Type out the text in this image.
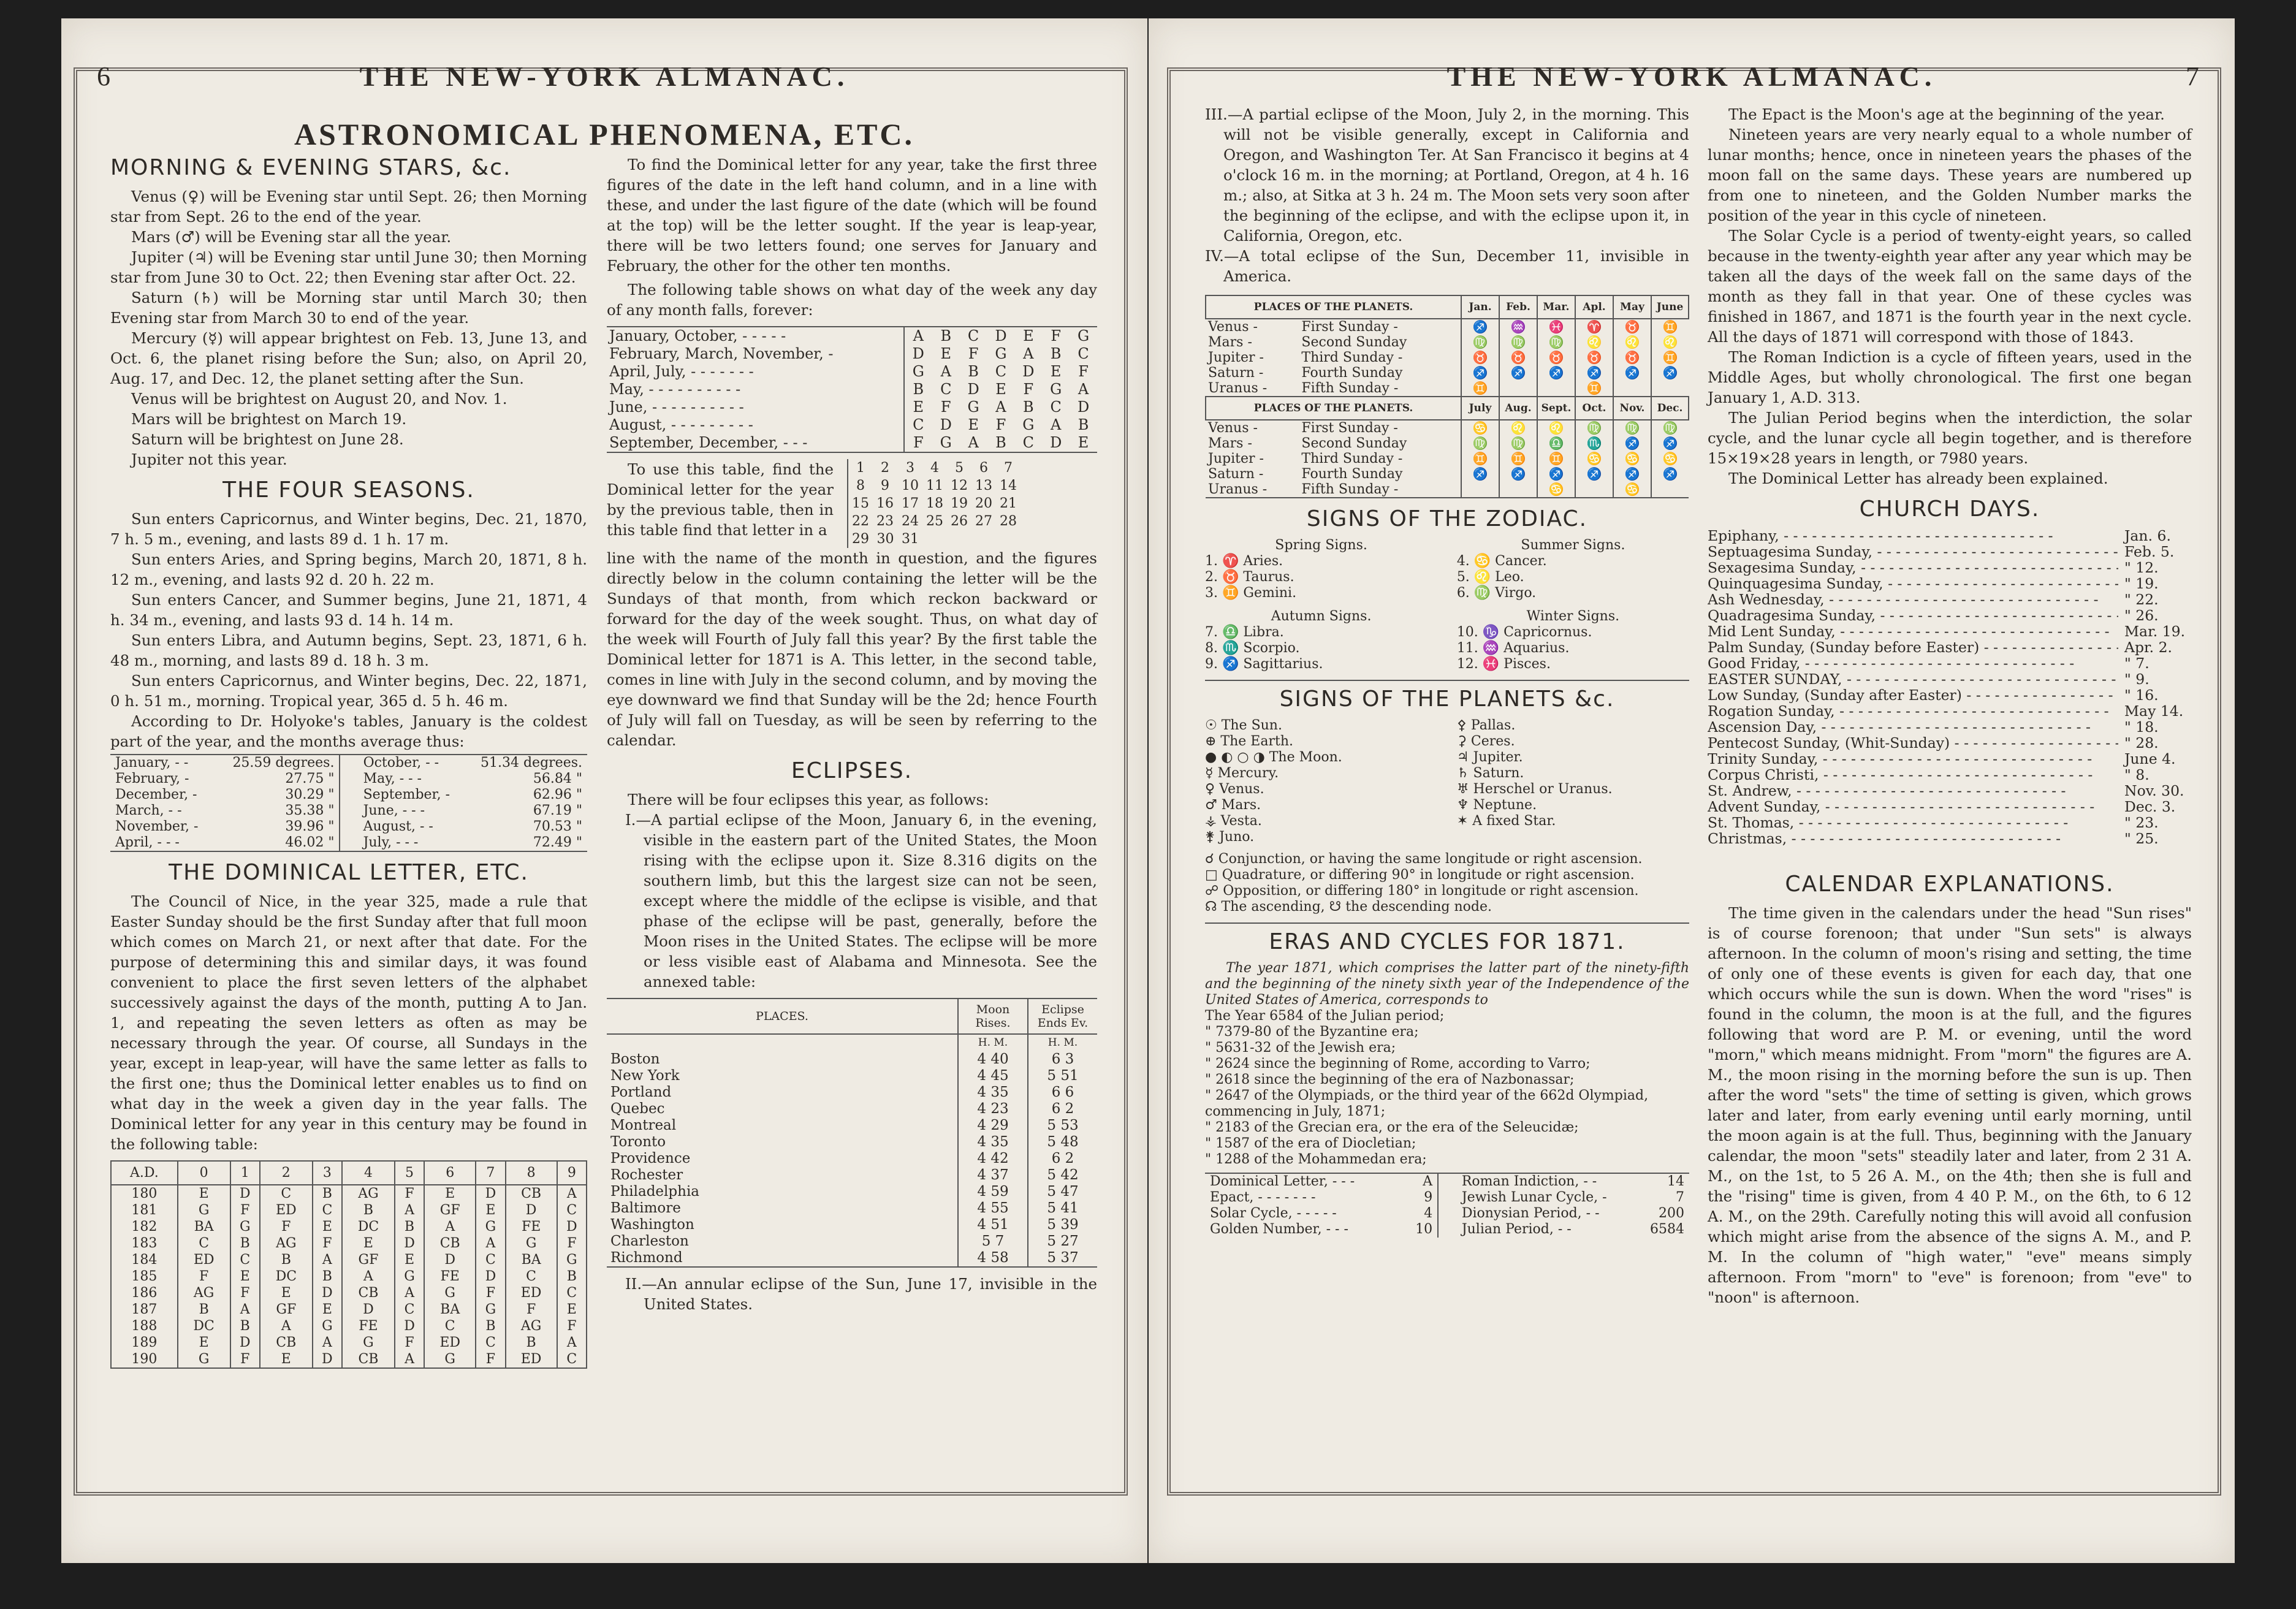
6	THE NEW-YORK ALMANAC.
ASTRONOMICAL PHENOMENA, ETC.
MORNING & EVENING STARS, &c.

Venus (♀) will be Evening star until Sept. 26; then Morning star from Sept. 26 to the end of the year.

Mars (♂) will be Evening star all the year.

Jupiter (♃) will be Evening star until June 30; then Morning star from June 30 to Oct. 22; then Evening star after Oct. 22.

Saturn (♄) will be Morning star until March 30; then Evening star from March 30 to end of the year.

Mercury (☿) will appear brightest on Feb. 13, June 13, and Oct. 6, the planet rising before the Sun; also, on April 20, Aug. 17, and Dec. 12, the planet setting after the Sun.

Venus will be brightest on August 20, and Nov. 1.

Mars will be brightest on March 19.

Saturn will be brightest on June 28.

Jupiter not this year.

THE FOUR SEASONS.

Sun enters Capricornus, and Winter begins, Dec. 21, 1870, 7 h. 5 m., evening, and lasts 89 d. 1 h. 17 m.

Sun enters Aries, and Spring begins, March 20, 1871, 8 h. 12 m., evening, and lasts 92 d. 20 h. 22 m.

Sun enters Cancer, and Summer begins, June 21, 1871, 4 h. 34 m., evening, and lasts 93 d. 14 h. 14 m.

Sun enters Libra, and Autumn begins, Sept. 23, 1871, 6 h. 48 m., morning, and lasts 89 d. 18 h. 3 m.

Sun enters Capricornus, and Winter begins, Dec. 22, 1871, 0 h. 51 m., morning. Tropical year, 365 d. 5 h. 46 m.

According to Dr. Holyoke's tables, January is the coldest part of the year, and the months average thus:

January, - -	25.59 degrees.
February, -	27.75 "
December, -	30.29 "
March, - -	35.38 "
November, -	39.96 "
April, - - -	46.02 "
October, - -	51.34 degrees.
May, - - -	56.84 "
September, -	62.96 "
June, - - -	67.19 "
August, - -	70.53 "
July, - - -	72.49 "
THE DOMINICAL LETTER, ETC.

The Council of Nice, in the year 325, made a rule that Easter Sunday should be the first Sunday after that full moon which comes on March 21, or next after that date. For the purpose of determining this and similar days, it was found convenient to place the first seven letters of the alphabet successively against the days of the month, putting A to Jan. 1, and repeating the seven letters as often as may be necessary through the year. Of course, all Sundays in the year, except in leap-year, will have the same letter as falls to the first one; thus the Dominical letter enables us to find on what day in the week a given day in the year falls. The Dominical letter for any year in this century may be found in the following table:

A.D.	0	1	2	3	4	5	6	7	8	9
180	E	D	C	B	AG	F	E	D	CB	A
181	G	F	ED	C	B	A	GF	E	D	C
182	BA	G	F	E	DC	B	A	G	FE	D
183	C	B	AG	F	E	D	CB	A	G	F
184	ED	C	B	A	GF	E	D	C	BA	G
185	F	E	DC	B	A	G	FE	D	C	B
186	AG	F	E	D	CB	A	G	F	ED	C
187	B	A	GF	E	D	C	BA	G	F	E
188	DC	B	A	G	FE	D	C	B	AG	F
189	E	D	CB	A	G	F	ED	C	B	A
190	G	F	E	D	CB	A	G	F	ED	C

To find the Dominical letter for any year, take the first three figures of the date in the left hand column, and in a line with these, and under the last figure of the date (which will be found at the top) will be the letter sought. If the year is leap-year, there will be two letters found; one serves for January and February, the other for the other ten months.

The following table shows on what day of the week any day of any month falls, forever:

January, October, - - - - -	A	B	C	D	E	F	G
February, March, November, -	D	E	F	G	A	B	C
April, July, - - - - - - -	G	A	B	C	D	E	F
May, - - - - - - - - - -	B	C	D	E	F	G	A
June, - - - - - - - - - -	E	F	G	A	B	C	D
August, - - - - - - - - -	C	D	E	F	G	A	B
September, December, - - -	F	G	A	B	C	D	E

To use this table, find the Dominical letter for the year by the previous table, then in this table find that letter in a

1	2	3	4	5	6	7
8	9	10	11	12	13	14
15	16	17	18	19	20	21
22	23	24	25	26	27	28
29	30	31				

line with the name of the month in question, and the figures directly below in the column containing the letter will be the Sundays of that month, from which reckon backward or forward for the day of the week sought. Thus, on what day of the week will Fourth of July fall this year? By the first table the Dominical letter for 1871 is A. This letter, in the second table, comes in line with July in the second column, and by moving the eye downward we find that Sunday will be the 2d; hence Fourth of July will fall on Tuesday, as will be seen by referring to the calendar.

ECLIPSES.

There will be four eclipses this year, as follows:

I.—A partial eclipse of the Moon, January 6, in the evening, visible in the eastern part of the United States, the Moon rising with the eclipse upon it. Size 8.316 digits on the southern limb, but this the largest size can not be seen, except where the middle of the eclipse is visible, and that phase of the eclipse will be past, generally, before the Moon rises in the United States. The eclipse will be more or less visible east of Alabama and Minnesota. See the annexed table:

PLACES.	Moon Rises.	Eclipse Ends Ev.
	H. M.	H. M.
Boston	4 40	6 3
New York	4 45	5 51
Portland	4 35	6 6
Quebec	4 23	6 2
Montreal	4 29	5 53
Toronto	4 35	5 48
Providence	4 42	6 2
Rochester	4 37	5 42
Philadelphia	4 59	5 47
Baltimore	4 55	5 41
Washington	4 51	5 39
Charleston	5 7	5 27
Richmond	4 58	5 37

II.—An annular eclipse of the Sun, June 17, invisible in the United States.

THE NEW-YORK ALMANAC.	7

III.—A partial eclipse of the Moon, July 2, in the morning. This will not be visible generally, except in California and Oregon, and Washington Ter. At San Francisco it begins at 4 o'clock 16 m. in the morning; at Portland, Oregon, at 4 h. 16 m.; also, at Sitka at 3 h. 24 m. The Moon sets very soon after the beginning of the eclipse, and with the eclipse upon it, in California, Oregon, etc.

IV.—A total eclipse of the Sun, December 11, invisible in America.

PLACES OF THE PLANETS.		Jan.	Feb.	Mar.	Apl.	May	June
Venus -	First Sunday -	♐	♒	♓	♈	♉	♊
Mars -	Second Sunday	♍	♍	♍	♌	♌	♌
Jupiter -	Third Sunday -	♉	♉	♉	♉	♉	♊
Saturn -	Fourth Sunday	♐	♐	♐	♐	♐	♐
Uranus -	Fifth Sunday -	♊			♊		
PLACES OF THE PLANETS.		July	Aug.	Sept.	Oct.	Nov.	Dec.
Venus -	First Sunday -	♋	♌	♌	♍	♍	♍
Mars -	Second Sunday	♍	♍	♎	♏	♐	♐
Jupiter -	Third Sunday -	♊	♊	♊	♋	♋	♋
Saturn -	Fourth Sunday	♐	♐	♐	♐	♐	♐
Uranus -	Fifth Sunday -			♋		♋	
SIGNS OF THE ZODIAC.
Spring Signs.
1. ♈ Aries.
2. ♉ Taurus.
3. ♊ Gemini.
Autumn Signs.
7. ♎ Libra.
8. ♏ Scorpio.
9. ♐ Sagittarius.
Summer Signs.
4. ♋ Cancer.
5. ♌ Leo.
6. ♍ Virgo.
Winter Signs.
10. ♑ Capricornus.
11. ♒ Aquarius.
12. ♓ Pisces.
SIGNS OF THE PLANETS &c.
☉ The Sun.
⊕ The Earth.
● ◐ ○ ◑ The Moon.
☿ Mercury.
♀ Venus.
♂ Mars.
⚶ Vesta.
⚵ Juno.
⚴ Pallas.
⚳ Ceres.
♃ Jupiter.
♄ Saturn.
♅ Herschel or Uranus.
♆ Neptune.
✶ A fixed Star.
☌ Conjunction, or having the same longitude or right ascension.
□ Quadrature, or differing 90° in longitude or right ascension.
☍ Opposition, or differing 180° in longitude or right ascension.
☊ The ascending, ☋ the descending node.
ERAS AND CYCLES FOR 1871.

The year 1871, which comprises the latter part of the ninety-fifth and the beginning of the ninety sixth year of the Independence of the United States of America, corresponds to

The Year 6584 of the Julian period;
" 7379-80 of the Byzantine era;
" 5631-32 of the Jewish era;
" 2624 since the beginning of Rome, according to Varro;
" 2618 since the beginning of the era of Nazbonassar;
" 2647 of the Olympiads, or the third year of the 662d Olympiad, commencing in July, 1871;
" 2183 of the Grecian era, or the era of the Seleucidæ;
" 1587 of the era of Diocletian;
" 1288 of the Mohammedan era;
Dominical Letter, - - -	A
Epact, - - - - - - -	9
Solar Cycle, - - - - -	4
Golden Number, - - -	10
Roman Indiction, - -	14
Jewish Lunar Cycle, -	7
Dionysian Period, - -	200
Julian Period, - -	6584

The Epact is the Moon's age at the beginning of the year.

Nineteen years are very nearly equal to a whole number of lunar months; hence, once in nineteen years the phases of the moon fall on the same days. These years are numbered up from one to nineteen, and the Golden Number marks the position of the year in this cycle of nineteen.

The Solar Cycle is a period of twenty-eight years, so called because in the twenty-eighth year after any year which may be taken all the days of the week fall on the same days of the month as they fall in that year. One of these cycles was finished in 1867, and 1871 is the fourth year in the next cycle. All the days of 1871 will correspond with those of 1843.

The Roman Indiction is a cycle of fifteen years, used in the Middle Ages, but wholly chronological. The first one began January 1, A.D. 313.

The Julian Period begins when the interdiction, the solar cycle, and the lunar cycle all begin together, and is therefore 15×19×28 years in length, or 7980 years.

The Dominical Letter has already been explained.

CHURCH DAYS.
Epiphany, - - -	Jan. 6.
Septuagesima Sunday, - - -	Feb. 5.
Sexagesima Sunday, - - -	" 12.
Quinquagesima Sunday, - - -	" 19.
Ash Wednesday, - - -	" 22.
Quadragesima Sunday, - - -	" 26.
Mid Lent Sunday, - - -	Mar. 19.
Palm Sunday, (Sunday before Easter) - - -	Apr. 2.
Good Friday, - - -	" 7.
EASTER SUNDAY, - - -	" 9.
Low Sunday, (Sunday after Easter) - - -	" 16.
Rogation Sunday, - - -	May 14.
Ascension Day, - - -	" 18.
Pentecost Sunday, (Whit-Sunday) - - -	" 28.
Trinity Sunday, - - -	June 4.
Corpus Christi, - - -	" 8.
St. Andrew, - - -	Nov. 30.
Advent Sunday, - - -	Dec. 3.
St. Thomas, - - -	" 23.
Christmas, - - -	" 25.
CALENDAR EXPLANATIONS.

The time given in the calendars under the head "Sun rises" is of course forenoon; that under "Sun sets" is always afternoon. In the column of moon's rising and setting, the time of only one of these events is given for each day, that one which occurs while the sun is down. When the word "rises" is found in the column, the moon is at the full, and the figures following that word are P. M. or evening, until the word "morn," which means midnight. From "morn" the figures are A. M., the moon rising in the morning before the sun is up. Then after the word "sets" the time of setting is given, which grows later and later, from early evening until early morning, until the moon again is at the full. Thus, beginning with the January calendar, the moon "sets" steadily later and later, from 2 31 A. M., on the 1st, to 5 26 A. M., on the 4th; then she is full and the "rising" time is given, from 4 40 P. M., on the 6th, to 6 12 A. M., on the 29th. Carefully noting this will avoid all confusion which might arise from the absence of the signs A. M., and P. M. In the column of "high water," "eve" means simply afternoon. From "morn" to "eve" is forenoon; from "eve" to "noon" is afternoon.
